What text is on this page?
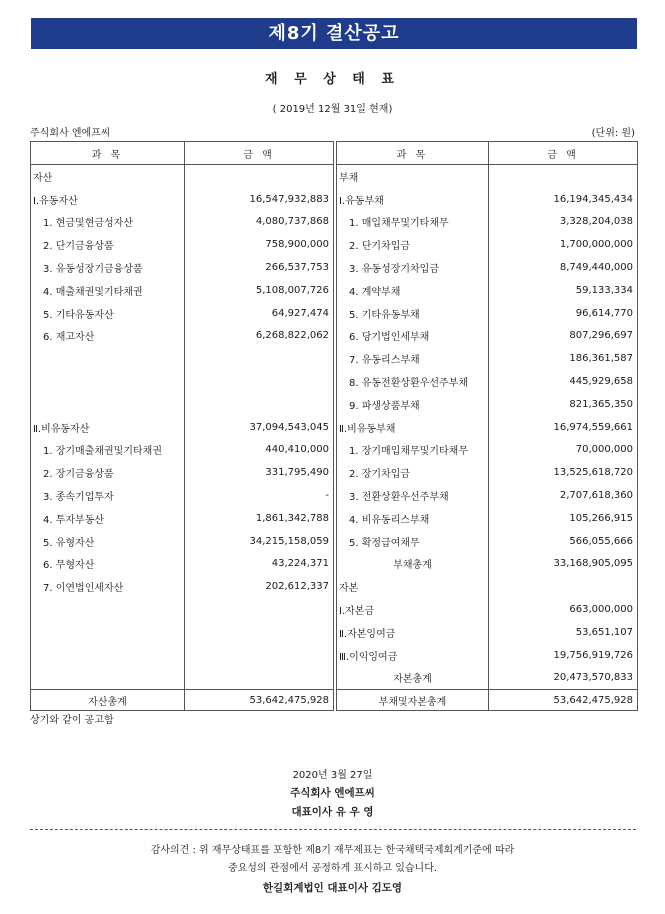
제8기 결산공고
재 무 상 태 표
( 2019년 12월 31일 현재)
주식회사 엔에프씨	(단위: 원)
과 목	금 액
자산	
Ⅰ.유동자산	16,547,932,883
1. 현금및현금성자산	4,080,737,868
2. 단기금융상품	758,900,000
3. 유동성장기금융상품	266,537,753
4. 매출채권및기타채권	5,108,007,726
5. 기타유동자산	64,927,474
6. 재고자산	6,268,822,062

Ⅱ.비유동자산	37,094,543,045
1. 장기매출채권및기타채권	440,410,000
2. 장기금융상품	331,795,490
3. 종속기업투자	-
4. 투자부동산	1,861,342,788
5. 유형자산	34,215,158,059
6. 무형자산	43,224,371
7. 이연법인세자산	202,612,337

자산총계	53,642,475,928
과 목	금 액
부채	
Ⅰ.유동부채	16,194,345,434
1. 매입채무및기타채무	3,328,204,038
2. 단기차입금	1,700,000,000
3. 유동성장기차입금	8,749,440,000
4. 계약부채	59,133,334
5. 기타유동부채	96,614,770
6. 당기법인세부채	807,296,697
7. 유동리스부채	186,361,587
8. 유동전환상환우선주부채	445,929,658
9. 파생상품부채	821,365,350
Ⅱ.비유동부채	16,974,559,661
1. 장기매입채무및기타채무	70,000,000
2. 장기차입금	13,525,618,720
3. 전환상환우선주부채	2,707,618,360
4. 비유동리스부채	105,266,915
5. 확정급여채무	566,055,666
부채총계	33,168,905,095
자본	
Ⅰ.자본금	663,000,000
Ⅱ.자본잉여금	53,651,107
Ⅲ.이익잉여금	19,756,919,726
자본총계	20,473,570,833
부채및자본총계	53,642,475,928
상기와 같이 공고함
2020년 3월 27일
주식회사 엔에프씨
대표이사 유 우 영
감사의견 : 위 재무상태표를 포함한 제8기 재무제표는 한국채택국제회계기준에 따라
중요성의 관점에서 공정하게 표시하고 있습니다.
한길회계법인 대표이사 김도영
